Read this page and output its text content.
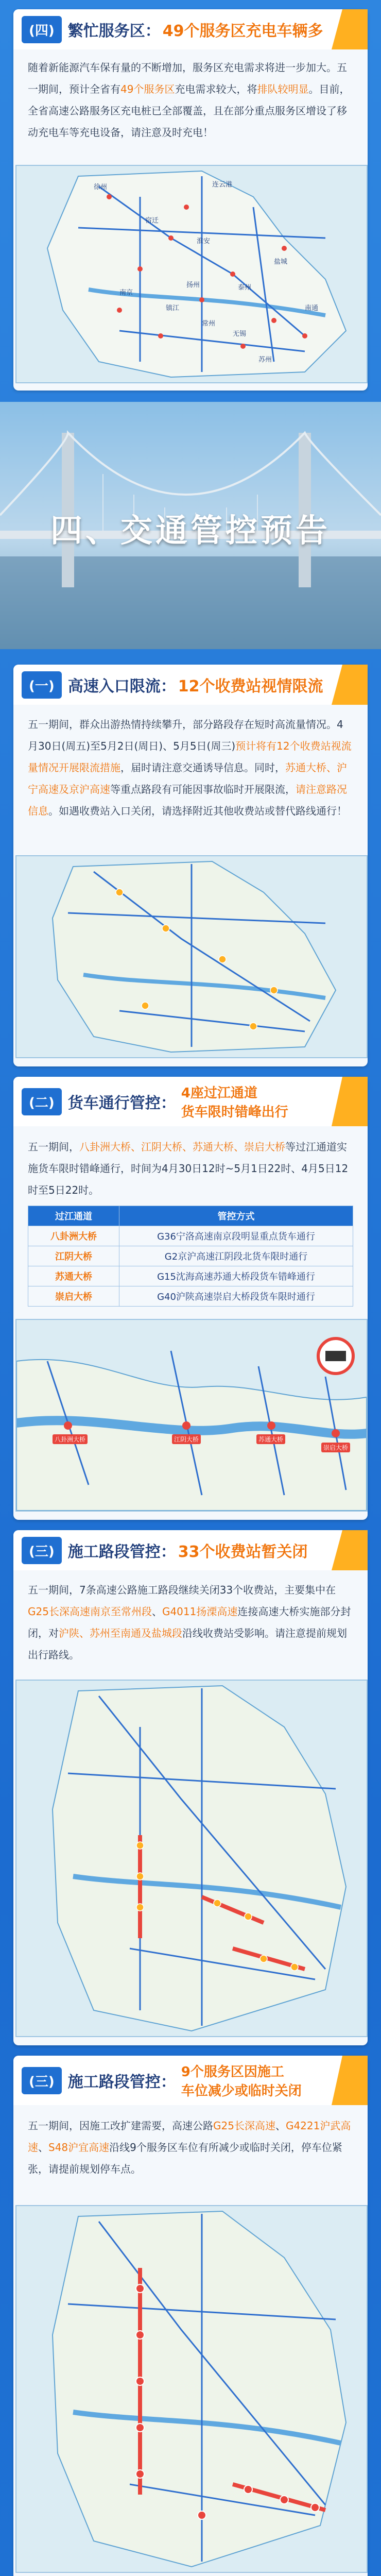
(四) 繁忙服务区： 49个服务区充电车辆多
随着新能源汽车保有量的不断增加，服务区充电需求将进一步加大。五一期间，预计全省有49个服务区充电需求较大，将排队较明显。目前，全省高速公路服务区充电桩已全部覆盖，且在部分重点服务区增设了移动充电车等充电设备，请注意及时充电！
徐州	连云港
宿迁
淮安
盐城
扬州	泰州
南通
南京
镇江
常州
无锡
苏州
四、交通管控预告
(一) 高速入口限流： 12个收费站视情限流
五一期间，群众出游热情持续攀升，部分路段存在短时高流量情况。4月30日(周五)至5月2日(周日)、5月5日(周三)预计将有12个收费站视流量情况开展限流措施，届时请注意交通诱导信息。同时，苏通大桥、沪宁高速及京沪高速等重点路段有可能因事故临时开展限流，请注意路况信息。如遇收费站入口关闭，请选择附近其他收费站或替代路线通行！
(二) 货车通行管控：
4座过江通道
货车限时错峰出行
五一期间，八卦洲大桥、江阴大桥、苏通大桥、崇启大桥等过江通道实施货车限时错峰通行，时间为4月30日12时~5月1日22时、4月5日12时至5日22时。
过江通道	管控方式
八卦洲大桥	G36宁洛高速南京段明显重点货车通行
江阴大桥	G2京沪高速江阴段北货车限时通行
苏通大桥	G15沈海高速苏通大桥段货车错峰通行
崇启大桥	G40沪陕高速崇启大桥段货车限时通行
八卦洲大桥	江阴大桥	苏通大桥
崇启大桥
(三) 施工路段管控： 33个收费站暂关闭
五一期间，7条高速公路施工路段继续关闭33个收费站，主要集中在G25长深高速南京至常州段、G4011扬溧高速连接高速大桥实施部分封闭，对沪陕、苏州至南通及盐城段沿线收费站受影响。请注意提前规划出行路线。
(三) 施工路段管控：
9个服务区因施工
车位减少或临时关闭
五一期间，因施工改扩建需要，高速公路G25长深高速、G4221沪武高速、S48沪宜高速沿线9个服务区车位有所减少或临时关闭，停车位紧张，请提前规划停车点。
